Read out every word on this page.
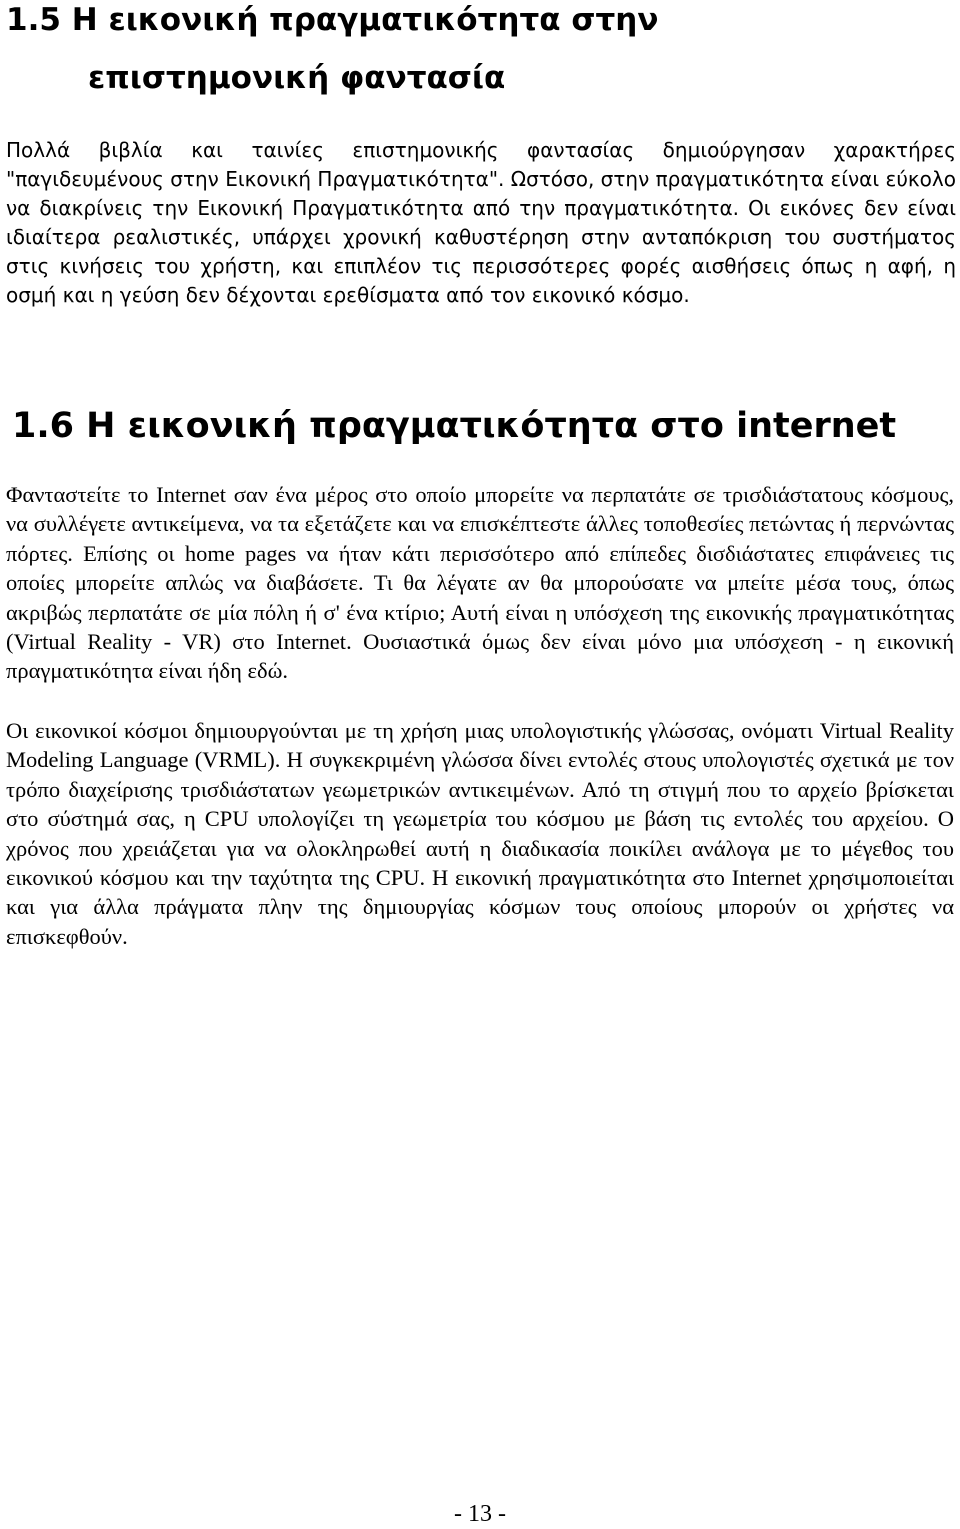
1.5 Η εικονική πραγματικότητα στην
επιστημονική φαντασία

Πολλά βιβλία και ταινίες επιστημονικής φαντασίας δημιούργησαν χαρακτήρες "παγιδευμένους στην Εικονική Πραγματικότητα". Ωστόσο, στην πραγματικότητα είναι εύκολο να διακρίνεις την Εικονική Πραγματικότητα από την πραγματικότητα. Οι εικόνες δεν είναι ιδιαίτερα ρεαλιστικές, υπάρχει χρονική καθυστέρηση στην ανταπόκριση του συστήματος στις κινήσεις του χρήστη, και επιπλέον τις περισσότερες φορές αισθήσεις όπως η αφή, η οσμή και η γεύση δεν δέχονται ερεθίσματα από τον εικονικό κόσμο.

1.6 Η εικονική πραγματικότητα στο internet

Φανταστείτε το Internet σαν ένα μέρος στο οποίο μπορείτε να περπατάτε σε τρισδιάστατους κόσμους, να συλλέγετε αντικείμενα, να τα εξετάζετε και να επισκέπτεστε άλλες τοποθεσίες πετώντας ή περνώντας πόρτες. Επίσης οι home pages να ήταν κάτι περισσότερο από επίπεδες δισδιάστατες επιφάνειες τις οποίες μπορείτε απλώς να διαβάσετε. Τι θα λέγατε αν θα μπορούσατε να μπείτε μέσα τους, όπως ακριβώς περπατάτε σε μία πόλη ή σ' ένα κτίριο; Αυτή είναι η υπόσχεση της εικονικής πραγματικότητας (Virtual Reality - VR) στο Internet. Ουσιαστικά όμως δεν είναι μόνο μια υπόσχεση - η εικονική πραγματικότητα είναι ήδη εδώ.

Οι εικονικοί κόσμοι δημιουργούνται με τη χρήση μιας υπολογιστικής γλώσσας, ονόματι Virtual Reality Modeling Language (VRML). Η συγκεκριμένη γλώσσα δίνει εντολές στους υπολογιστές σχετικά με τον τρόπο διαχείρισης τρισδιάστατων γεωμετρικών αντικειμένων. Από τη στιγμή που το αρχείο βρίσκεται στο σύστημά σας, η CPU υπολογίζει τη γεωμετρία του κόσμου με βάση τις εντολές του αρχείου. Ο χρόνος που χρειάζεται για να ολοκληρωθεί αυτή η διαδικασία ποικίλει ανάλογα με το μέγεθος του εικονικού κόσμου και την ταχύτητα της CPU. Η εικονική πραγματικότητα στο Internet χρησιμοποιείται και για άλλα πράγματα πλην της δημιουργίας κόσμων τους οποίους μπορούν οι χρήστες να επισκεφθούν.

- 13 -
